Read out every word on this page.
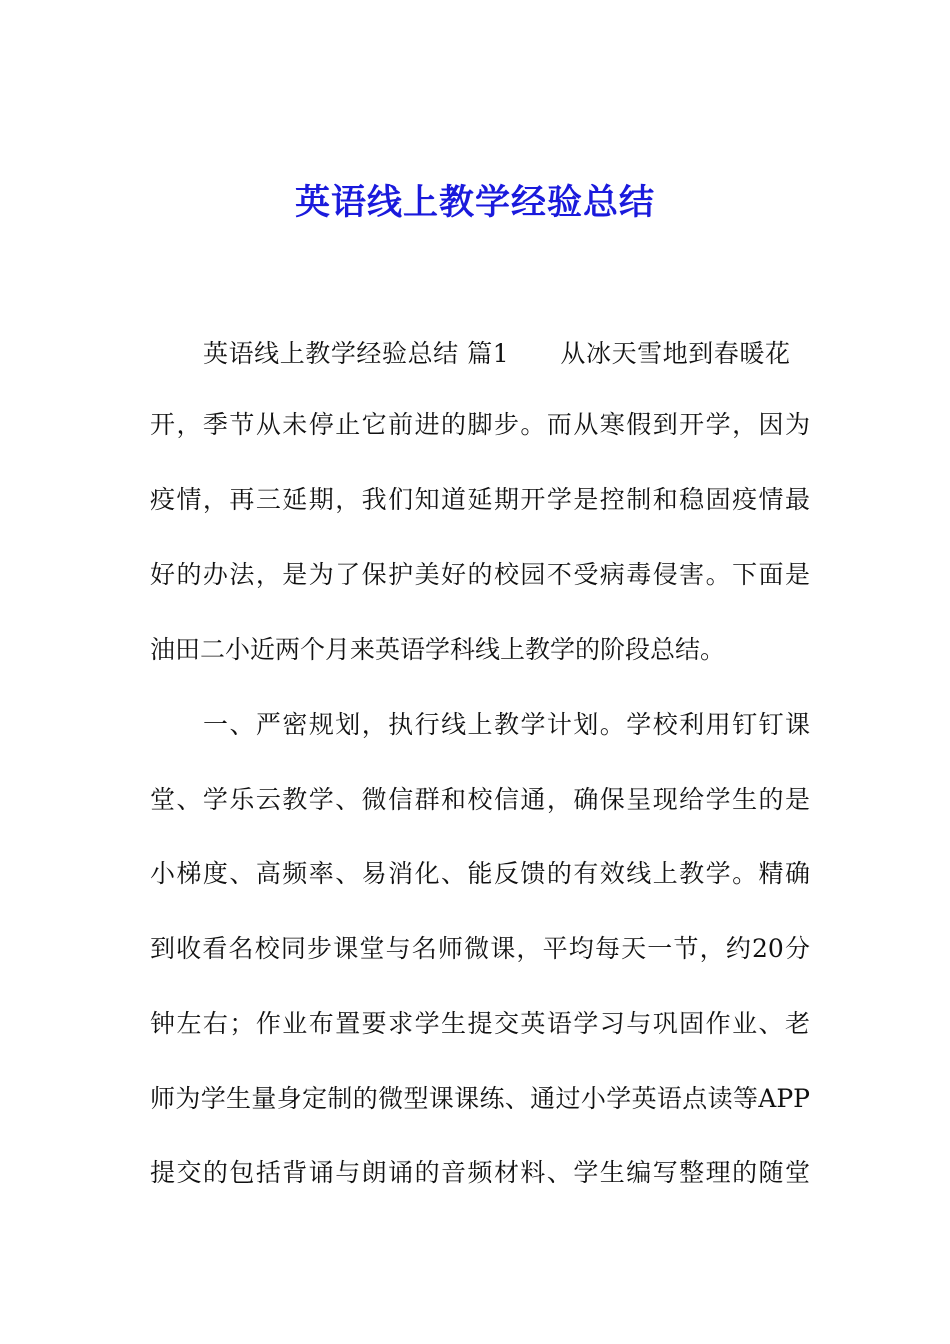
英语线上教学经验总结
英语线上教学经验总结 篇1　　从冰天雪地到春暖花
开，季节从未停止它前进的脚步。而从寒假到开学，因为
疫情，再三延期，我们知道延期开学是控制和稳固疫情最
好的办法，是为了保护美好的校园不受病毒侵害。下面是
油田二小近两个月来英语学科线上教学的阶段总结。
一、严密规划，执行线上教学计划。学校利用钉钉课
堂、学乐云教学、微信群和校信通，确保呈现给学生的是
小梯度、高频率、易消化、能反馈的有效线上教学。精确
到收看名校同步课堂与名师微课，平均每天一节，约20分
钟左右；作业布置要求学生提交英语学习与巩固作业、老
师为学生量身定制的微型课课练、通过小学英语点读等APP
提交的包括背诵与朗诵的音频材料、学生编写整理的随堂
